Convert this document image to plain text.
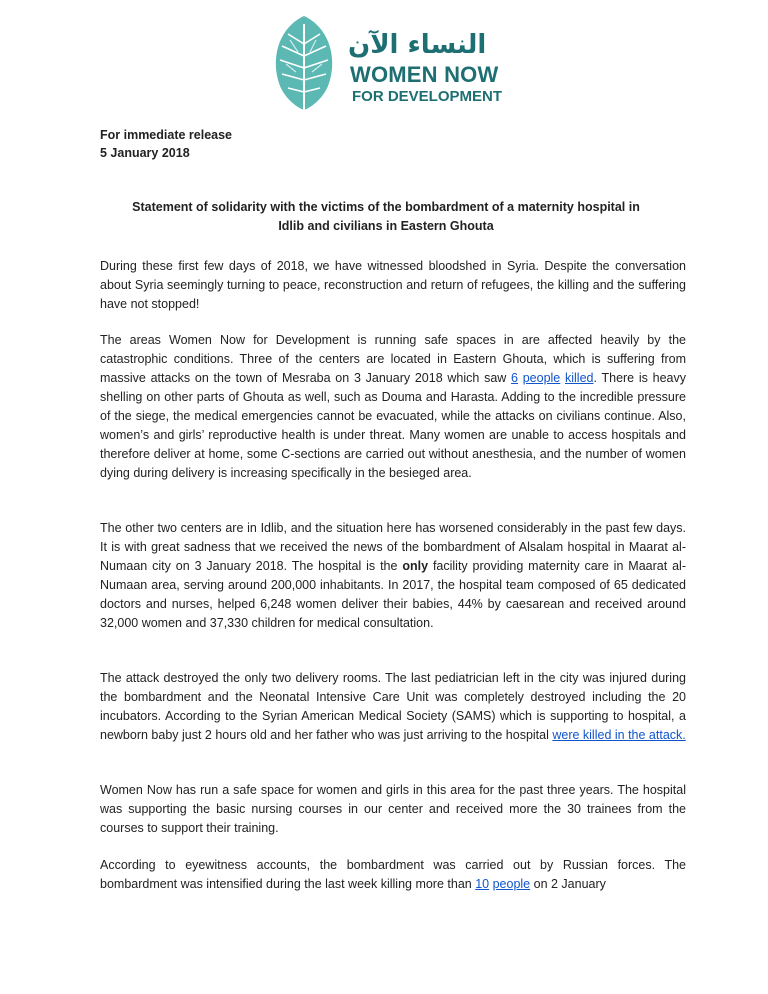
النساء الآن
WOMEN NOW
FOR DEVELOPMENT
For immediate release
5 January 2018
Statement of solidarity with the victims of the bombardment of a maternity hospital in
Idlib and civilians in Eastern Ghouta

During these first few days of 2018, we have witnessed bloodshed in Syria. Despite the conversation about Syria seemingly turning to peace, reconstruction and return of refugees, the killing and the suffering have not stopped!

The areas Women Now for Development is running safe spaces in are affected heavily by the catastrophic conditions. Three of the centers are located in Eastern Ghouta, which is suffering from massive attacks on the town of Mesraba on 3 January 2018 which saw 6 people killed. There is heavy shelling on other parts of Ghouta as well, such as Douma and Harasta. Adding to the incredible pressure of the siege, the medical emergencies cannot be evacuated, while the attacks on civilians continue. Also, women’s and girls’ reproductive health is under threat. Many women are unable to access hospitals and therefore deliver at home, some C-sections are carried out without anesthesia, and the number of women dying during delivery is increasing specifically in the besieged area.

The other two centers are in Idlib, and the situation here has worsened considerably in the past few days. It is with great sadness that we received the news of the bombardment of Alsalam hospital in Maarat al-Numaan city on 3 January 2018. The hospital is the only facility providing maternity care in Maarat al-Numaan area, serving around 200,000 inhabitants. In 2017, the hospital team composed of 65 dedicated doctors and nurses, helped 6,248 women deliver their babies, 44% by caesarean and received around 32,000 women and 37,330 children for medical consultation.

The attack destroyed the only two delivery rooms. The last pediatrician left in the city was injured during the bombardment and the Neonatal Intensive Care Unit was completely destroyed including the 20 incubators. According to the Syrian American Medical Society (SAMS) which is supporting to hospital, a newborn baby just 2 hours old and her father who was just arriving to the hospital were killed in the attack.

Women Now has run a safe space for women and girls in this area for the past three years. The hospital was supporting the basic nursing courses in our center and received more the 30 trainees from the courses to support their training.

According to eyewitness accounts, the bombardment was carried out by Russian forces. The bombardment was intensified during the last week killing more than 10 people on 2 January
